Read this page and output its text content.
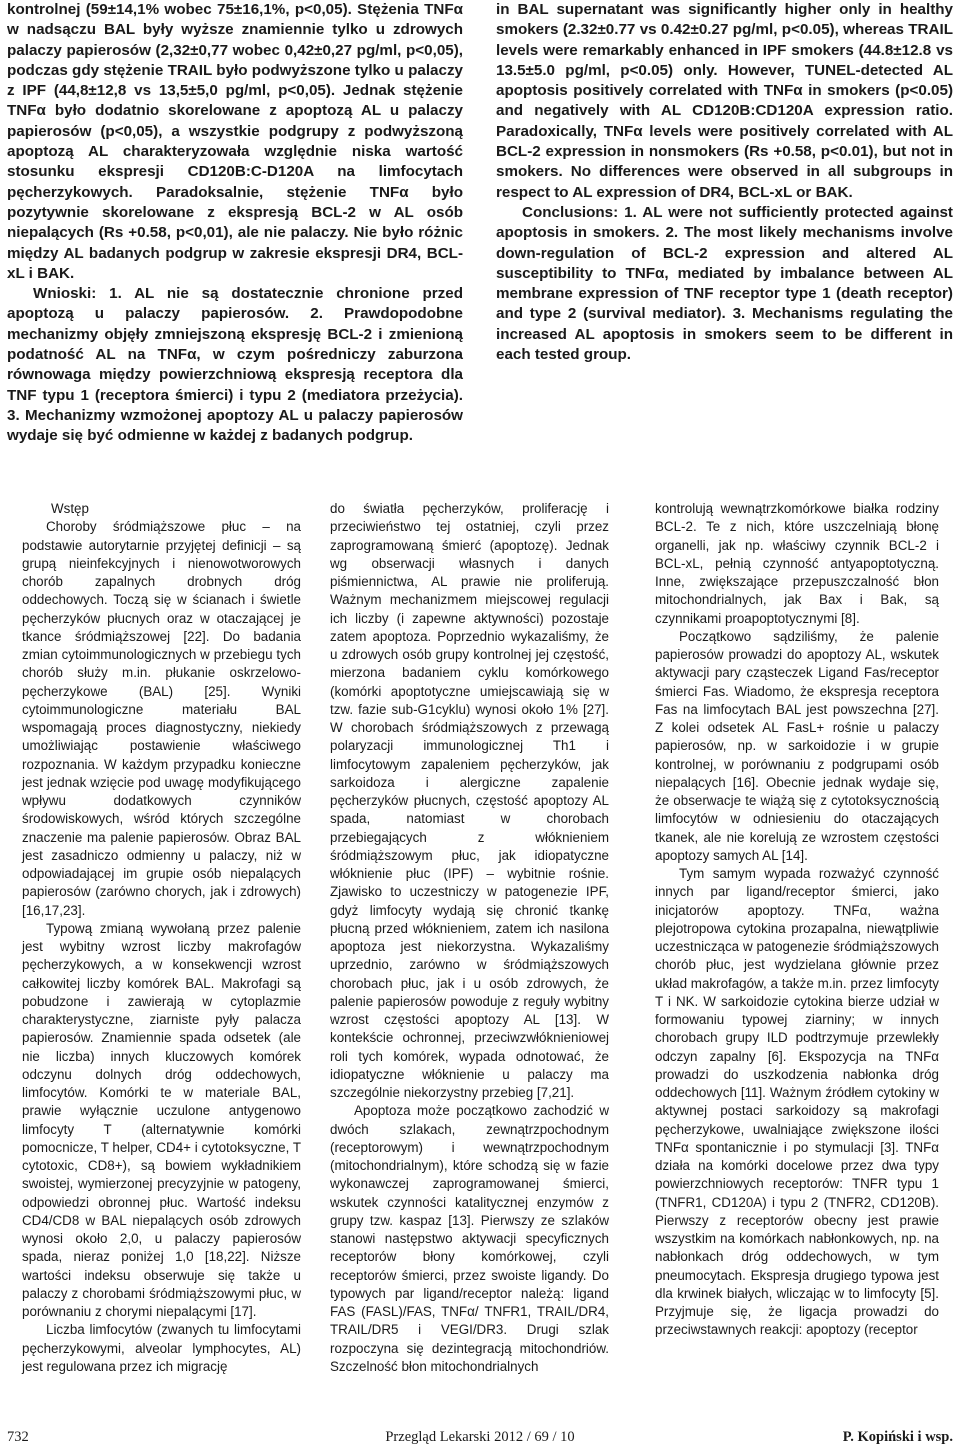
kontrolnej (59±14,1% wobec 75±16,1%, p<0,05). Stężenia TNFα w nadsączu BAL były wyższe znamiennie tylko u zdrowych palaczy papierosów (2,32±0,77 wobec 0,42±0,27 pg/ml, p<0,05), podczas gdy stężenie TRAIL było podwyższone tylko u palaczy z IPF (44,8±12,8 vs 13,5±5,0 pg/ml, p<0,05). Jednak stężenie TNFα było dodatnio skorelowane z apoptozą AL u palaczy papierosów (p<0,05), a wszystkie podgrupy z podwyższoną apoptozą AL charakteryzowała względnie niska wartość stosunku ekspresji CD120B:C-D120A na limfocytach pęcherzykowych. Paradoksalnie, stężenie TNFα było pozytywnie skorelowane z ekspresją BCL-2 w AL osób niepalących (Rs +0.58, p<0,01), ale nie palaczy. Nie było różnic między AL badanych podgrup w zakresie ekspresji DR4, BCL-xL i BAK.

Wnioski: 1. AL nie są dostatecznie chronione przed apoptozą u palaczy papierosów. 2. Prawdopodobne mechanizmy objęły zmniejszoną ekspresję BCL-2 i zmienioną podatność AL na TNFα, w czym pośredniczy zaburzona równowaga między powierzchniową ekspresją receptora dla TNF typu 1 (receptora śmierci) i typu 2 (mediatora przeżycia). 3. Mechanizmy wzmożonej apoptozy AL u palaczy papierosów wydaje się być odmienne w każdej z badanych podgrup.

in BAL supernatant was significantly higher only in healthy smokers (2.32±0.77 vs 0.42±0.27 pg/ml, p<0.05), whereas TRAIL levels were remarkably enhanced in IPF smokers (44.8±12.8 vs 13.5±5.0 pg/ml, p<0.05) only. However, TUNEL-detected AL apoptosis positively correlated with TNFα in smokers (p<0.05) and negatively with AL CD120B:CD120A expression ratio. Paradoxically, TNFα levels were positively correlated with AL BCL-2 expression in nonsmokers (Rs +0.58, p<0.01), but not in smokers. No differences were observed in all subgroups in respect to AL expression of DR4, BCL-xL or BAK.

Conclusions: 1. AL were not sufficiently protected against apoptosis in smokers. 2. The most likely mechanisms involve down-regulation of BCL-2 expression and altered AL susceptibility to TNFα, mediated by imbalance between AL membrane expression of TNF receptor type 1 (death receptor) and type 2 (survival mediator). 3. Mechanisms regulating the increased AL apoptosis in smokers seem to be different in each tested group.

Wstęp

Choroby śródmiąższowe płuc – na podstawie autorytarnie przyjętej definicji – są grupą nieinfekcyjnych i nienowotworowych chorób zapalnych drobnych dróg oddechowych. Toczą się w ścianach i świetle pęcherzyków płucnych oraz w otaczającej je tkance śródmiąższowej [22]. Do badania zmian cytoimmunologicznych w przebiegu tych chorób służy m.in. płukanie oskrzelowo-pęcherzykowe (BAL) [25]. Wyniki cytoimmunologiczne materiału BAL wspomagają proces diagnostyczny, niekiedy umożliwiając postawienie właściwego rozpoznania. W każdym przypadku konieczne jest jednak wzięcie pod uwagę modyfikującego wpływu dodatkowych czynników środowiskowych, wśród których szczególne znaczenie ma palenie papierosów. Obraz BAL jest zasadniczo odmienny u palaczy, niż w odpowiadającej im grupie osób niepalących papierosów (zarówno chorych, jak i zdrowych) [16,17,23].

Typową zmianą wywołaną przez palenie jest wybitny wzrost liczby makrofagów pęcherzykowych, a w konsekwencji wzrost całkowitej liczby komórek BAL. Makrofagi są pobudzone i zawierają w cytoplazmie charakterystyczne, ziarniste pyły palacza papierosów. Znamiennie spada odsetek (ale nie liczba) innych kluczowych komórek odczynu dolnych dróg oddechowych, limfocytów. Komórki te w materiale BAL, prawie wyłącznie uczulone antygenowo limfocyty T (alternatywnie komórki pomocnicze, T helper, CD4+ i cytotoksyczne, T cytotoxic, CD8+), są bowiem wykładnikiem swoistej, wymierzonej precyzyjnie w patogeny, odpowiedzi obronnej płuc. Wartość indeksu CD4/CD8 w BAL niepalących osób zdrowych wynosi około 2,0, u palaczy papierosów spada, nieraz poniżej 1,0 [18,22]. Niższe wartości indeksu obserwuje się także u palaczy z chorobami śródmiąższowymi płuc, w porównaniu z chorymi niepalącymi [17].

Liczba limfocytów (zwanych tu limfocytami pęcherzykowymi, alveolar lymphocytes, AL) jest regulowana przez ich migrację

do światła pęcherzyków, proliferację i przeciwieństwo tej ostatniej, czyli przez zaprogramowaną śmierć (apoptozę). Jednak wg obserwacji własnych i danych piśmiennictwa, AL prawie nie proliferują. Ważnym mechanizmem miejscowej regulacji ich liczby (i zapewne aktywności) pozostaje zatem apoptoza. Poprzednio wykazaliśmy, że u zdrowych osób grupy kontrolnej jej częstość, mierzona badaniem cyklu komórkowego (komórki apoptotyczne umiejscawiają się w tzw. fazie sub-G1cyklu) wynosi około 1% [27]. W chorobach śródmiąższowych z przewagą polaryzacji immunologicznej Th1 i limfocytowym zapaleniem pęcherzyków, jak sarkoidoza i alergiczne zapalenie pęcherzyków płucnych, częstość apoptozy AL spada, natomiast w chorobach przebiegających z włóknieniem śródmiąższowym płuc, jak idiopatyczne włóknienie płuc (IPF) – wybitnie rośnie. Zjawisko to uczestniczy w patogenezie IPF, gdyż limfocyty wydają się chronić tkankę płucną przed włóknieniem, zatem ich nasilona apoptoza jest niekorzystna. Wykazaliśmy uprzednio, zarówno w śródmiąższowych chorobach płuc, jak i u osób zdrowych, że palenie papierosów powoduje z reguły wybitny wzrost częstości apoptozy AL [13]. W kontekście ochronnej, przeciwzwłóknieniowej roli tych komórek, wypada odnotować, że idiopatyczne włóknienie u palaczy ma szczególnie niekorzystny przebieg [7,21].

Apoptoza może początkowo zachodzić w dwóch szlakach, zewnątrzpochodnym (receptorowym) i wewnątrzpochodnym (mitochondrialnym), które schodzą się w fazie wykonawczej zaprogramowanej śmierci, wskutek czynności katalitycznej enzymów z grupy tzw. kaspaz [13]. Pierwszy ze szlaków stanowi następstwo aktywacji specyficznych receptorów błony komórkowej, czyli receptorów śmierci, przez swoiste ligandy. Do typowych par ligand/receptor należą: ligand FAS (FASL)/FAS, TNFα/ TNFR1, TRAIL/DR4, TRAIL/DR5 i VEGI/DR3. Drugi szlak rozpoczyna się dezintegracją mitochondriów. Szczelność błon mitochondrialnych

kontrolują wewnątrzkomórkowe białka rodziny BCL-2. Te z nich, które uszczelniają błonę organelli, jak np. właściwy czynnik BCL-2 i BCL-xL, pełnią czynność antyapoptotyczną. Inne, zwiększające przepuszczalność błon mitochondrialnych, jak Bax i Bak, są czynnikami proapoptotycznymi [8].

Początkowo sądziliśmy, że palenie papierosów prowadzi do apoptozy AL, wskutek aktywacji pary cząsteczek Ligand Fas/receptor śmierci Fas. Wiadomo, że ekspresja receptora Fas na limfocytach BAL jest powszechna [27]. Z kolei odsetek AL FasL+ rośnie u palaczy papierosów, np. w sarkoidozie i w grupie kontrolnej, w porównaniu z podgrupami osób niepalących [16]. Obecnie jednak wydaje się, że obserwacje te wiążą się z cytotoksycznością limfocytów w odniesieniu do otaczających tkanek, ale nie korelują ze wzrostem częstości apoptozy samych AL [14].

Tym samym wypada rozważyć czynność innych par ligand/receptor śmierci, jako inicjatorów apoptozy. TNFα, ważna plejotropowa cytokina prozapalna, niewątpliwie uczestnicząca w patogenezie śródmiąższowych chorób płuc, jest wydzielana głównie przez układ makrofagów, a także m.in. przez limfocyty T i NK. W sarkoidozie cytokina bierze udział w formowaniu typowej ziarniny; w innych chorobach grupy ILD podtrzymuje przewlekły odczyn zapalny [6]. Ekspozycja na TNFα prowadzi do uszkodzenia nabłonka dróg oddechowych [11]. Ważnym źródłem cytokiny w aktywnej postaci sarkoidozy są makrofagi pęcherzykowe, uwalniające zwiększone ilości TNFα spontanicznie i po stymulacji [3]. TNFα działa na komórki docelowe przez dwa typy powierzchniowych receptorów: TNFR typu 1 (TNFR1, CD120A) i typu 2 (TNFR2, CD120B). Pierwszy z receptorów obecny jest prawie wszystkim na komórkach nabłonkowych, np. na nabłonkach dróg oddechowych, w tym pneumocytach. Ekspresja drugiego typowa jest dla krwinek białych, wliczając w to limfocyty [5]. Przyjmuje się, że ligacja prowadzi do przeciwstawnych reakcji: apoptozy (receptor

732	Przegląd Lekarski 2012 / 69 / 10	P. Kopiński i wsp.
